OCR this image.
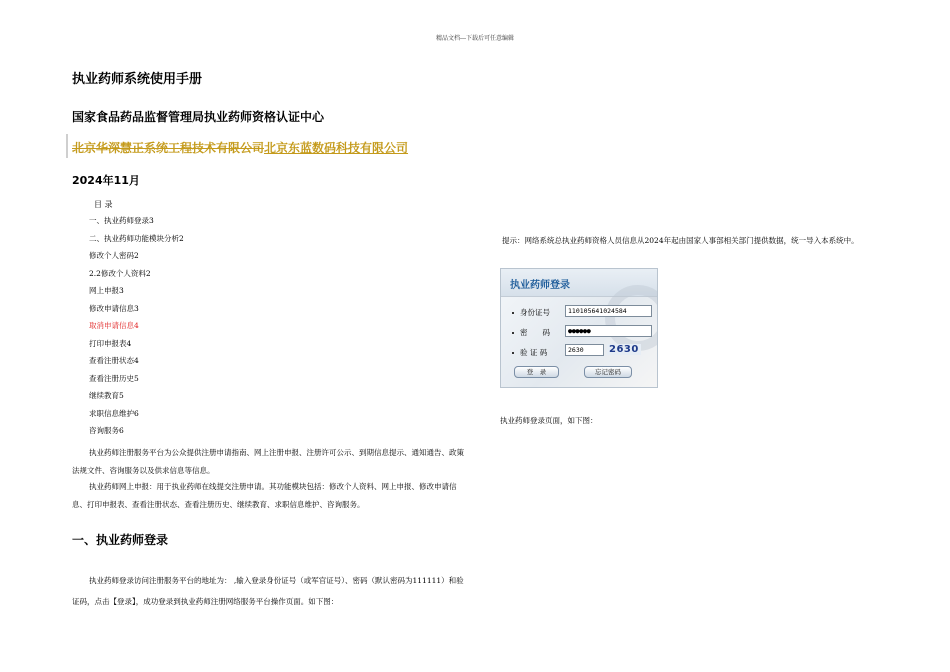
精品文档---下载后可任意编辑
执业药师系统使用手册
国家食品药品监督管理局执业药师资格认证中心
北京华深慧正系统工程技术有限公司北京东蓝数码科技有限公司
2024年11月
目 录
一、执业药师登录3
二、执业药师功能模块分析2
修改个人密码2
2.2修改个人资料2
网上申报3
修改申请信息3
取消申请信息4
打印申报表4
查看注册状态4
查看注册历史5
继续教育5
求职信息维护6
咨询服务6
执业药师注册服务平台为公众提供注册申请指南、网上注册申报、注册许可公示、到期信息提示、通知通告、政策法规文件、咨询服务以及供求信息等信息。
执业药师网上申报：用于执业药师在线提交注册申请。其功能模块包括：修改个人资料、网上申报、修改申请信息、打印申报表、查看注册状态、查看注册历史、继续教育、求职信息维护、咨询服务。
一、执业药师登录
执业药师登录访问注册服务平台的地址为： ,输入登录身份证号（或军官证号）、密码（默认密码为111111）和验证码，点击【登录】，成功登录到执业药师注册网络服务平台操作页面。如下图：
提示：网络系统总执业药师资格人员信息从2024年起由国家人事部相关部门提供数据，统一导入本系统中。
执业药师登录
身份证号	110105641024584
密　　码	●●●●●●
验 证 码	2630	2630
登　录	忘记密码
执业药师登录页面，如下图：
